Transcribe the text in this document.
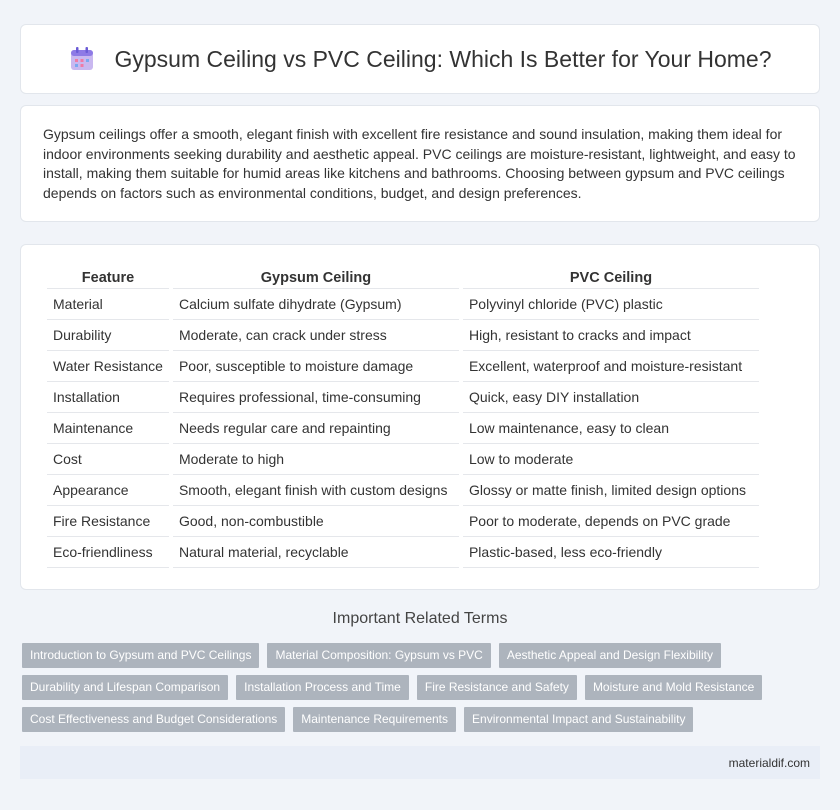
Gypsum Ceiling vs PVC Ceiling: Which Is Better for Your Home?

Gypsum ceilings offer a smooth, elegant finish with excellent fire resistance and sound insulation, making them ideal for indoor environments seeking durability and aesthetic appeal. PVC ceilings are moisture-resistant, lightweight, and easy to install, making them suitable for humid areas like kitchens and bathrooms. Choosing between gypsum and PVC ceilings depends on factors such as environmental conditions, budget, and design preferences.

Feature	Gypsum Ceiling	PVC Ceiling
Material	Calcium sulfate dihydrate (Gypsum)	Polyvinyl chloride (PVC) plastic
Durability	Moderate, can crack under stress	High, resistant to cracks and impact
Water Resistance	Poor, susceptible to moisture damage	Excellent, waterproof and moisture-resistant
Installation	Requires professional, time-consuming	Quick, easy DIY installation
Maintenance	Needs regular care and repainting	Low maintenance, easy to clean
Cost	Moderate to high	Low to moderate
Appearance	Smooth, elegant finish with custom designs	Glossy or matte finish, limited design options
Fire Resistance	Good, non-combustible	Poor to moderate, depends on PVC grade
Eco-friendliness	Natural material, recyclable	Plastic-based, less eco-friendly
Important Related Terms
Introduction to Gypsum and PVC Ceilings	Material Composition: Gypsum vs PVC	Aesthetic Appeal and Design Flexibility
Durability and Lifespan Comparison	Installation Process and Time	Fire Resistance and Safety	Moisture and Mold Resistance
Cost Effectiveness and Budget Considerations	Maintenance Requirements	Environmental Impact and Sustainability
materialdif.com
